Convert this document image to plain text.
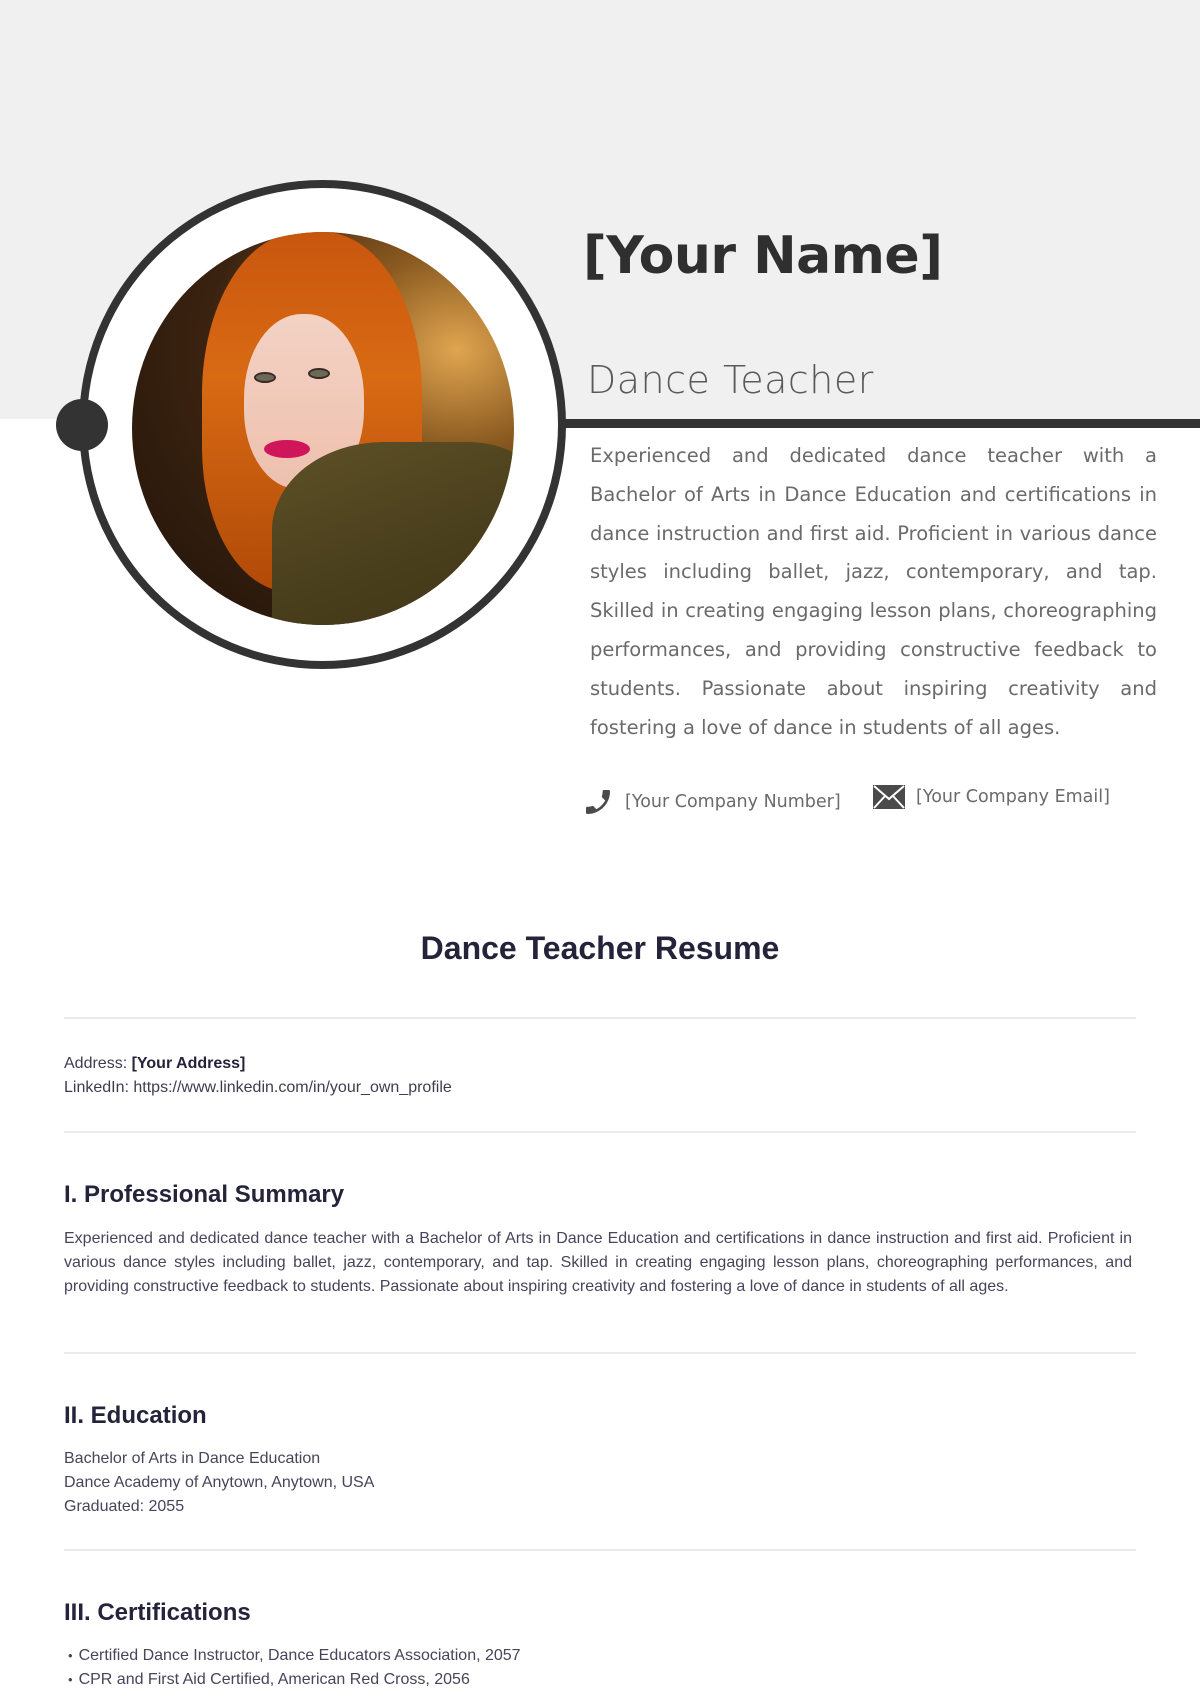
[Your Name]
Dance Teacher

Experienced and dedicated dance teacher with a Bachelor of Arts in Dance Education and certifications in dance instruction and first aid. Proficient in various dance styles including ballet, jazz, contemporary, and tap. Skilled in creating engaging lesson plans, choreographing performances, and providing constructive feedback to students. Passionate about inspiring creativity and fostering a love of dance in students of all ages.

[Your Company Number]	[Your Company Email]
Dance Teacher Resume
Address: [Your Address]
LinkedIn: https://www.linkedin.com/in/your_own_profile
I. Professional Summary

Experienced and dedicated dance teacher with a Bachelor of Arts in Dance Education and certifications in dance instruction and first aid. Proficient in various dance styles including ballet, jazz, contemporary, and tap. Skilled in creating engaging lesson plans, choreographing performances, and providing constructive feedback to students. Passionate about inspiring creativity and fostering a love of dance in students of all ages.

II. Education
Bachelor of Arts in Dance Education
Dance Academy of Anytown, Anytown, USA
Graduated: 2055
III. Certifications
• Certified Dance Instructor, Dance Educators Association, 2057
• CPR and First Aid Certified, American Red Cross, 2056
